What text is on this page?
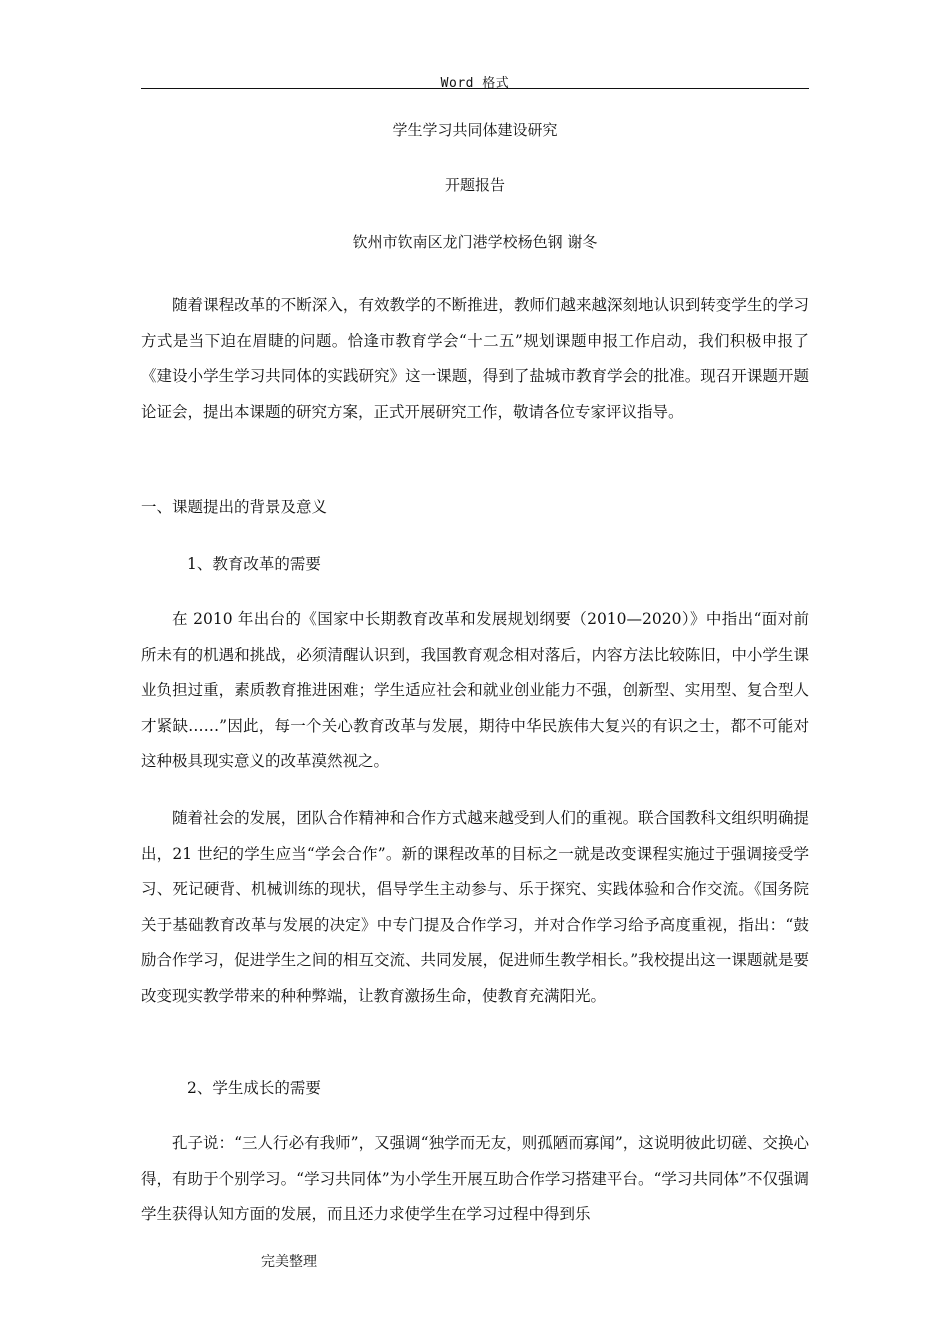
Word 格式
学生学习共同体建设研究
开题报告
钦州市钦南区龙门港学校杨色钢 谢冬

随着课程改革的不断深入，有效教学的不断推进，教师们越来越深刻地认识到转变学生的学习方式是当下迫在眉睫的问题。恰逢市教育学会“十二五”规划课题申报工作启动，我们积极申报了《建设小学生学习共同体的实践研究》这一课题，得到了盐城市教育学会的批准。现召开课题开题论证会，提出本课题的研究方案，正式开展研究工作，敬请各位专家评议指导。

一、课题提出的背景及意义

1、教育改革的需要

在 2010 年出台的《国家中长期教育改革和发展规划纲要（2010—2020）》中指出“面对前所未有的机遇和挑战，必须清醒认识到，我国教育观念相对落后，内容方法比较陈旧，中小学生课业负担过重，素质教育推进困难；学生适应社会和就业创业能力不强，创新型、实用型、复合型人才紧缺……”因此，每一个关心教育改革与发展，期待中华民族伟大复兴的有识之士，都不可能对这种极具现实意义的改革漠然视之。

随着社会的发展，团队合作精神和合作方式越来越受到人们的重视。联合国教科文组织明确提出，21 世纪的学生应当“学会合作”。新的课程改革的目标之一就是改变课程实施过于强调接受学习、死记硬背、机械训练的现状，倡导学生主动参与、乐于探究、实践体验和合作交流。《国务院关于基础教育改革与发展的决定》中专门提及合作学习，并对合作学习给予高度重视，指出：“鼓励合作学习，促进学生之间的相互交流、共同发展，促进师生教学相长。”我校提出这一课题就是要改变现实教学带来的种种弊端，让教育激扬生命，使教育充满阳光。

2、学生成长的需要

孔子说：“三人行必有我师”，又强调“独学而无友，则孤陋而寡闻”，这说明彼此切磋、交换心得，有助于个别学习。“学习共同体”为小学生开展互助合作学习搭建平台。“学习共同体”不仅强调学生获得认知方面的发展，而且还力求使学生在学习过程中得到乐

完美整理
